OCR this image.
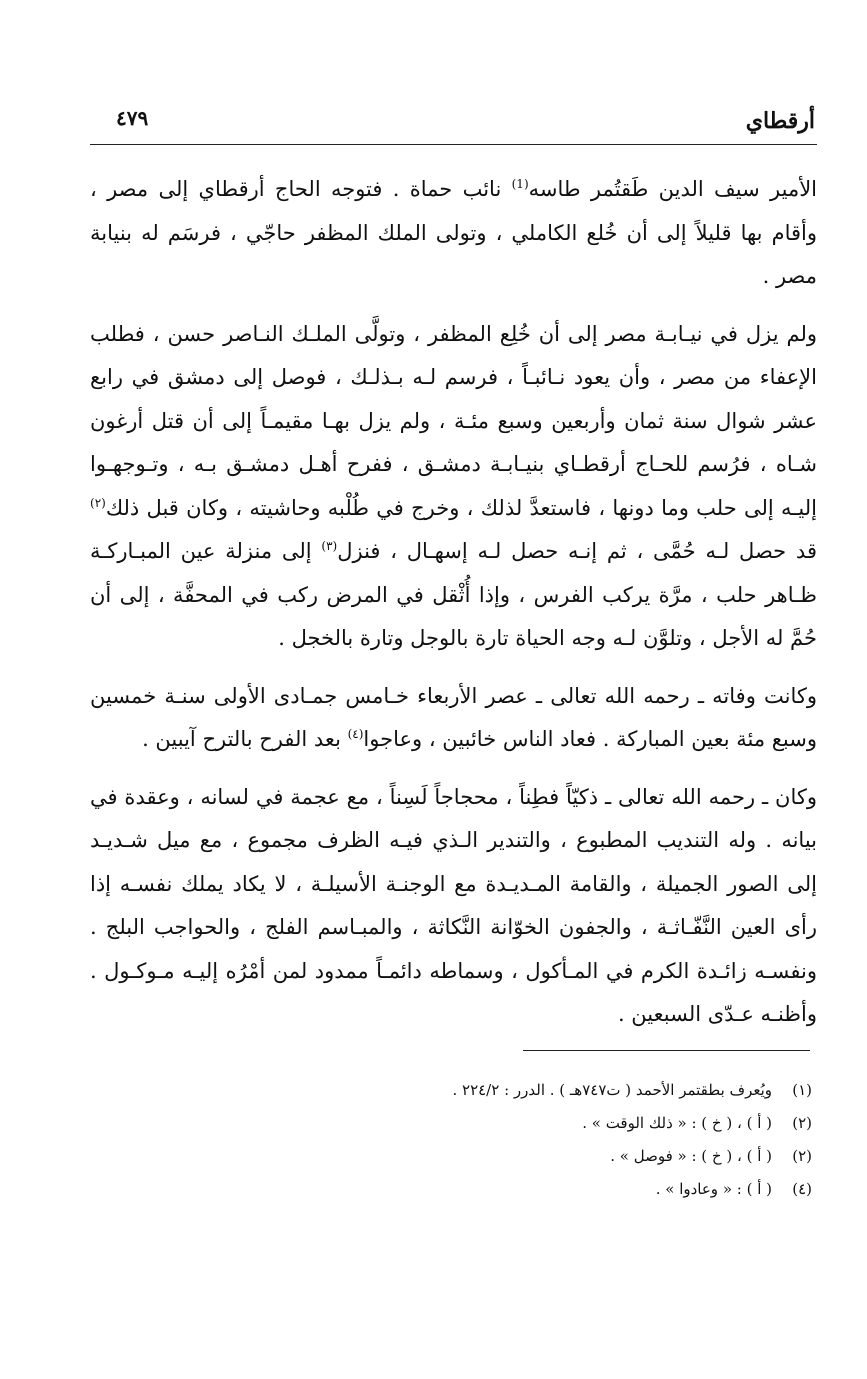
أرقطاي
٤٧٩

الأمير سيف الدين طَقتُمر طاسه$^{(1)}$ نائب حماة . فتوجه الحاج أرقطاي إلى مصر ، وأقام بها قليلاً إلى أن خُلع الكاملي ، وتولى الملك المظفر حاجّي ، فرسَم له بنيابة مصر .

ولم يزل في نيـابـة مصر إلى أن خُلِع المظفر ، وتولَّى الملـك النـاصر حسن ، فطلب الإعفاء من مصر ، وأن يعود نـائبـاً ، فرسم لـه بـذلـك ، فوصل إلى دمشق في رابع عشر شوال سنة ثمان وأربعين وسبع مئـة ، ولم يزل بهـا مقيمـاً إلى أن قتل أرغون شـاه ، فرُسم للحـاج أرقطـاي بنيـابـة دمشـق ، ففرح أهـل دمشـق بـه ، وتـوجهـوا إليـه إلى حلب وما دونها ، فاستعدَّ لذلك ، وخرج في طُلْبه وحاشيته ، وكان قبل ذلك$^{(٢)}$ قد حصل لـه حُمَّى ، ثم إنـه حصل لـه إسهـال ، فنزل$^{(٣)}$ إلى منزلة عين المبـاركـة ظـاهر حلب ، مرَّة يركب الفرس ، وإذا أُثْقل في المرض ركب في المحفَّة ، إلى أن حُمَّ له الأجل ، وتلوَّن لـه وجه الحياة تارة بالوجل وتارة بالخجل .

وكانت وفاته ـ رحمه الله تعالى ـ عصر الأربعاء خـامس جمـادى الأولى سنـة خمسين وسبع مئة بعين المباركة . فعاد الناس خائبين ، وعاجوا$^{(٤)}$ بعد الفرح بالترح آيبين .

وكان ـ رحمه الله تعالى ـ ذكيّاً فطِناً ، محجاجاً لَسِناً ، مع عجمة في لسانه ، وعقدة في بيانه . وله التنديب المطبوع ، والتندير الـذي فيـه الظرف مجموع ، مع ميل شـديـد إلى الصور الجميلة ، والقامة المـديـدة مع الوجنـة الأسيلـة ، لا يكاد يملك نفسـه إذا رأى العين النَّفّـاثـة ، والجفون الخوّانة النَّكاثة ، والمبـاسم الفلج ، والحواجب البلج . ونفسـه زائـدة الكرم في المـأكول ، وسماطه دائمـاً ممدود لمن أمْرُه إليـه مـوكـول . وأظنـه عـدّى السبعين .

(١)
ويُعرف بطقتمر الأحمد ( ت٧٤٧هـ ) . الدرر : ٢٢٤/٢ .
(٢)
( أ ) ، ( خ ) : « ذلك الوقت » .
(٢)
( أ ) ، ( خ ) : « فوصل » .
(٤)
( أ ) : « وعادوا » .
